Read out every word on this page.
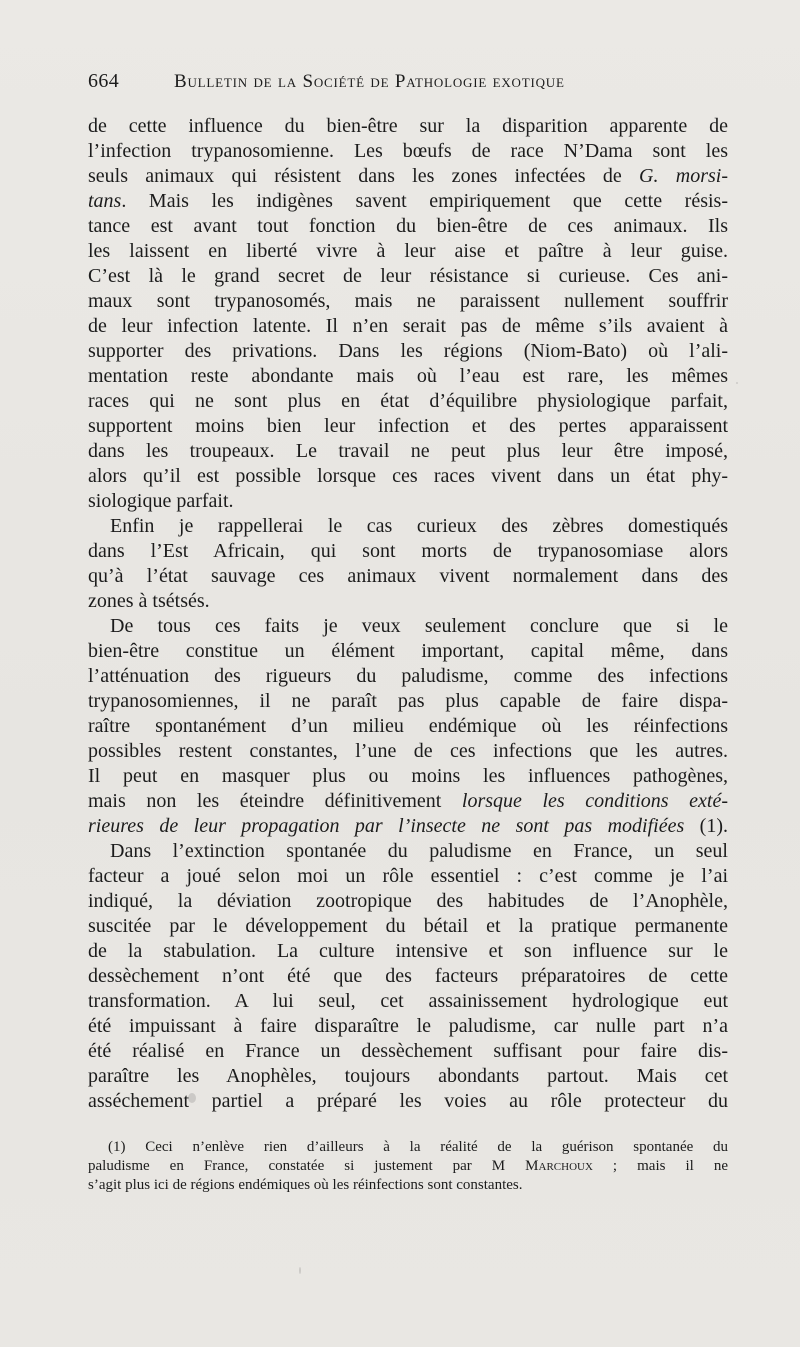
664	Bulletin de la Société de Pathologie exotique
de cette influence du bien-être sur la disparition apparente de
l’infection trypanosomienne. Les bœufs de race N’Dama sont les
seuls animaux qui résistent dans les zones infectées de G. morsi-
tans. Mais les indigènes savent empiriquement que cette résis-
tance est avant tout fonction du bien-être de ces animaux. Ils
les laissent en liberté vivre à leur aise et paître à leur guise.
C’est là le grand secret de leur résistance si curieuse. Ces ani-
maux sont trypanosomés, mais ne paraissent nullement souffrir
de leur infection latente. Il n’en serait pas de même s’ils avaient à
supporter des privations. Dans les régions (Niom-Bato) où l’ali-
mentation reste abondante mais où l’eau est rare, les mêmes
races qui ne sont plus en état d’équilibre physiologique parfait,
supportent moins bien leur infection et des pertes apparaissent
dans les troupeaux. Le travail ne peut plus leur être imposé,
alors qu’il est possible lorsque ces races vivent dans un état phy-
siologique parfait.
Enfin je rappellerai le cas curieux des zèbres domestiqués
dans l’Est Africain, qui sont morts de trypanosomiase alors
qu’à l’état sauvage ces animaux vivent normalement dans des
zones à tsétsés.
De tous ces faits je veux seulement conclure que si le
bien-être constitue un élément important, capital même, dans
l’atténuation des rigueurs du paludisme, comme des infections
trypanosomiennes, il ne paraît pas plus capable de faire dispa-
raître spontanément d’un milieu endémique où les réinfections
possibles restent constantes, l’une de ces infections que les autres.
Il peut en masquer plus ou moins les influences pathogènes,
mais non les éteindre définitivement lorsque les conditions exté-
rieures de leur propagation par l’insecte ne sont pas modifiées (1).
Dans l’extinction spontanée du paludisme en France, un seul
facteur a joué selon moi un rôle essentiel : c’est comme je l’ai
indiqué, la déviation zootropique des habitudes de l’Anophèle,
suscitée par le développement du bétail et la pratique permanente
de la stabulation. La culture intensive et son influence sur le
dessèchement n’ont été que des facteurs préparatoires de cette
transformation. A lui seul, cet assainissement hydrologique eut
été impuissant à faire disparaître le paludisme, car nulle part n’a
été réalisé en France un dessèchement suffisant pour faire dis-
paraître les Anophèles, toujours abondants partout. Mais cet
asséchement partiel a préparé les voies au rôle protecteur du
(1) Ceci n’enlève rien d’ailleurs à la réalité de la guérison spontanée du
paludisme en France, constatée si justement par M Marchoux ; mais il ne
s’agit plus ici de régions endémiques où les réinfections sont constantes.
